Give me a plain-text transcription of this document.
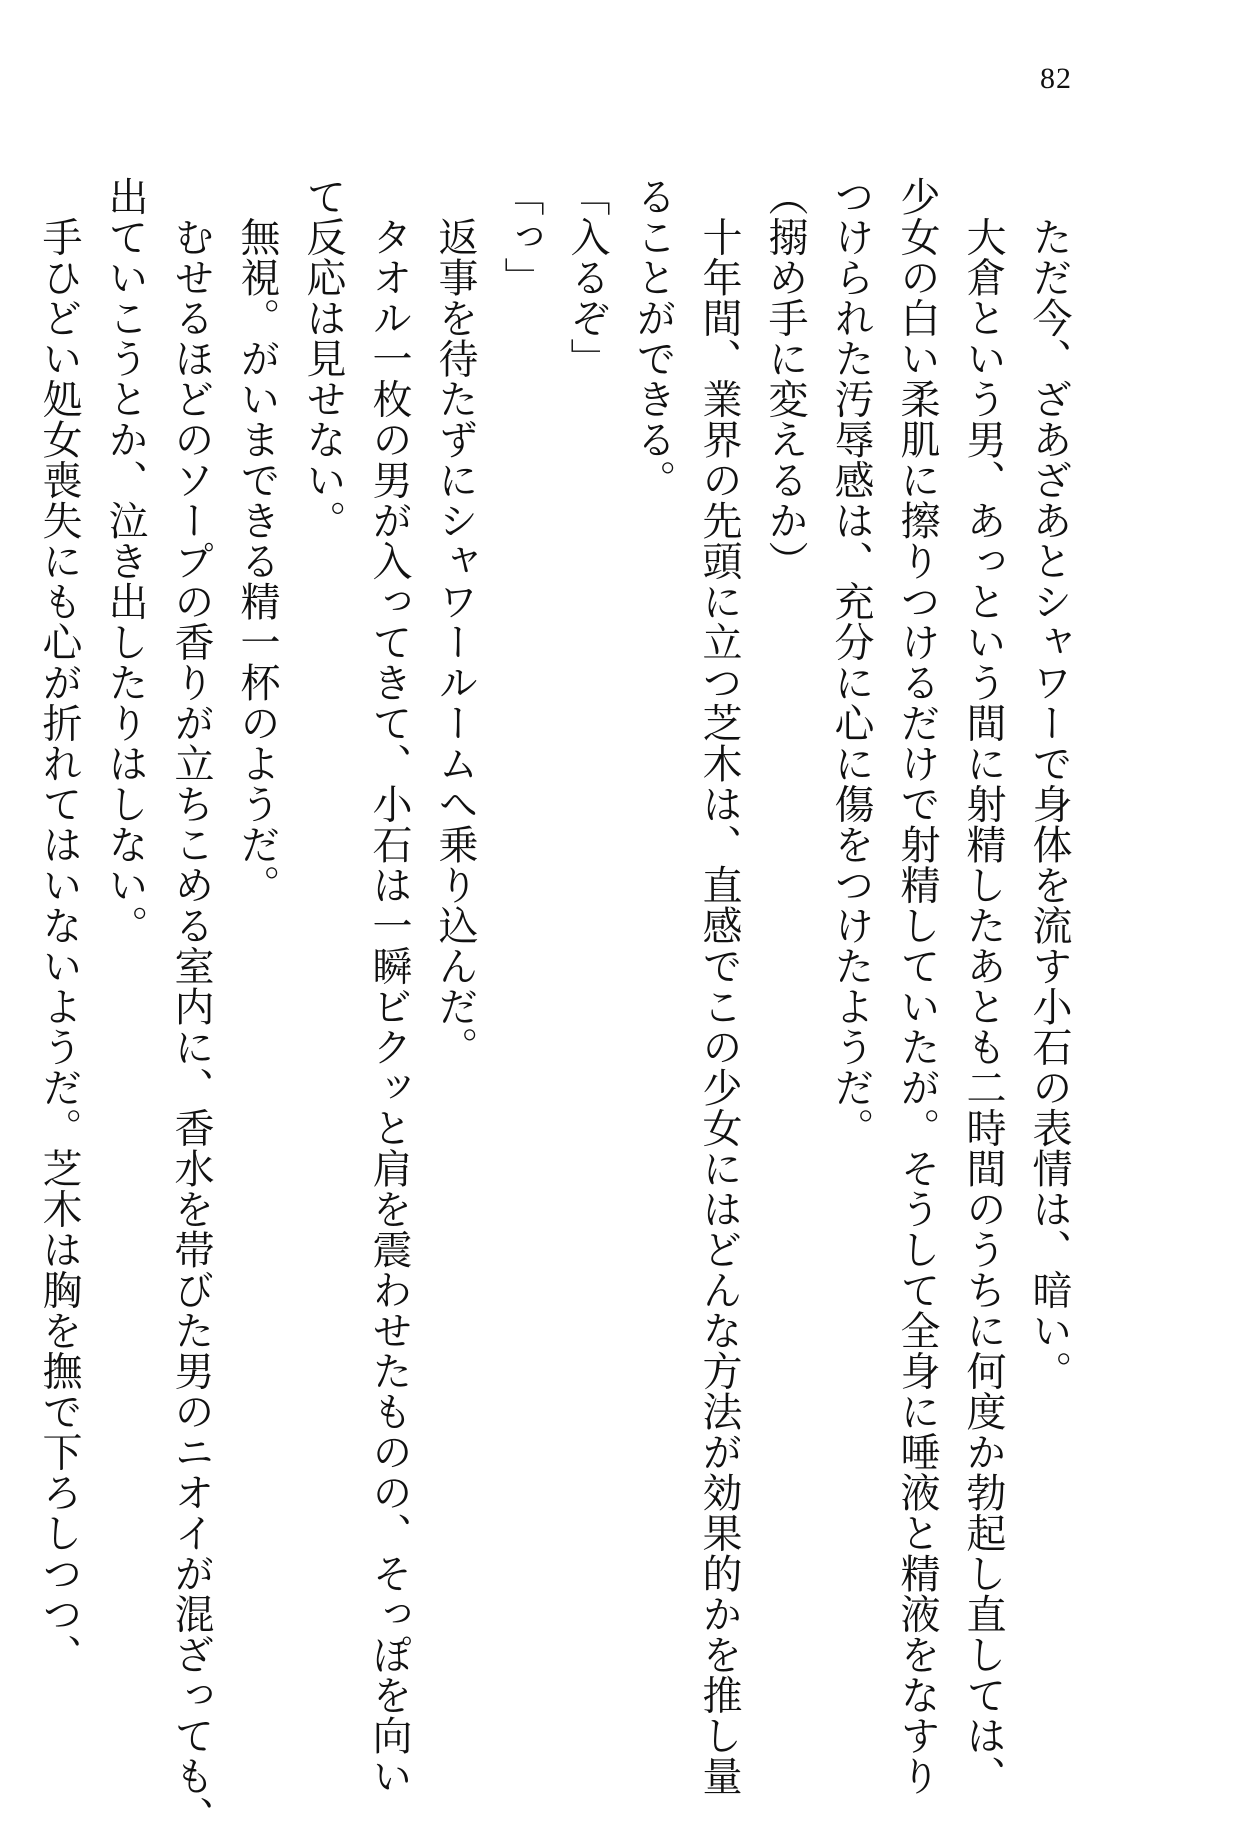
82
　ただ今、ざあざあとシャワーで身体を流す小石の表情は、暗い。
　大倉という男、あっという間に射精したあとも二時間のうちに何度か勃起し直しては、
少女の白い柔肌に擦りつけるだけで射精していたが。そうして全身に唾液と精液をなすり
つけられた汚辱感は、充分に心に傷をつけたようだ。
（搦め手に変えるか）
　十年間、業界の先頭に立つ芝木は、直感でこの少女にはどんな方法が効果的かを推し量
ることができる。
「入るぞ」
「っ」
　返事を待たずにシャワールームへ乗り込んだ。
　タオル一枚の男が入ってきて、小石は一瞬ビクッと肩を震わせたものの、そっぽを向い
て反応は見せない。
　無視。がいまできる精一杯のようだ。
　むせるほどのソープの香りが立ちこめる室内に、香水を帯びた男のニオイが混ざっても、
出ていこうとか、泣き出したりはしない。
　手ひどい処女喪失にも心が折れてはいないようだ。芝木は胸を撫で下ろしつつ、
